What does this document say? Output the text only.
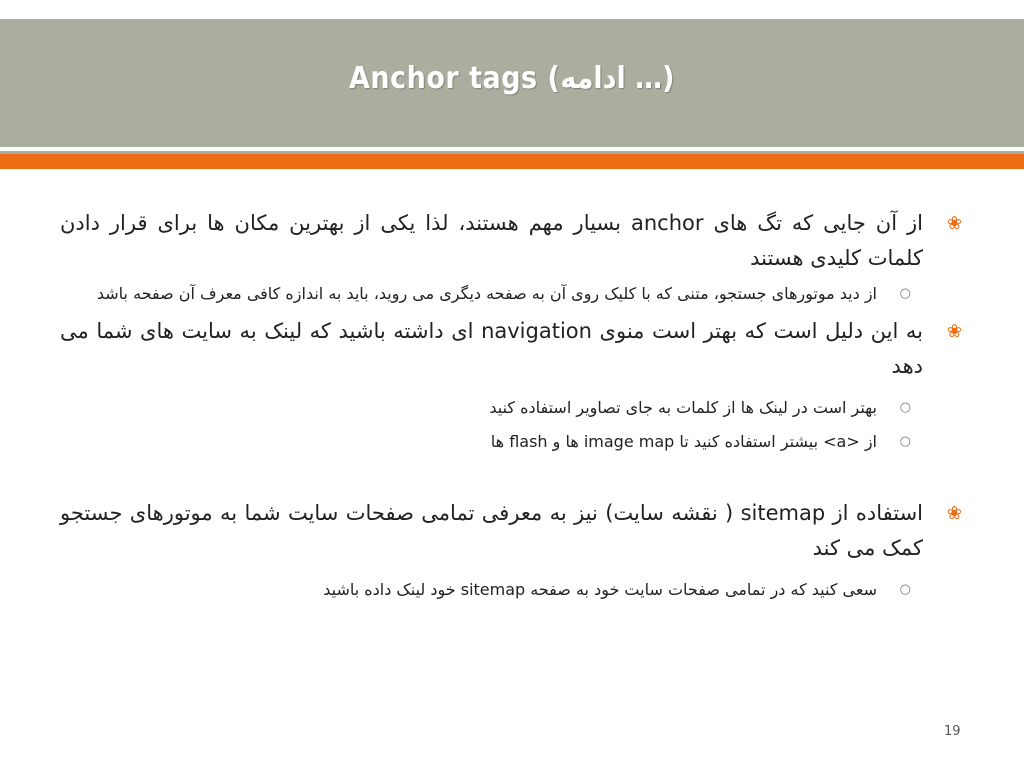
Anchor tags (ادامه …)
❀
از آن جایی که تگ های anchor بسیار مهم هستند، لذا یکی از بهترین مکان ها برای قرار دادن کلمات کلیدی هستند
○
از دید موتورهای جستجو، متنی که با کلیک روی آن به صفحه دیگری می روید، باید به اندازه کافی معرف آن صفحه باشد
❀
به این دلیل است که بهتر است منوی navigation ای داشته باشید که لینک به سایت های شما می دهد
○
بهتر است در لینک ها از کلمات به جای تصاویر استفاده کنید
○
از <a> بیشتر استفاده کنید تا image map ها و flash ها
❀
استفاده از sitemap ( نقشه سایت) نیز به معرفی تمامی صفحات سایت شما به موتورهای جستجو کمک می کند
○
سعی کنید که در تمامی صفحات سایت خود به صفحه sitemap خود لینک داده باشید
19
